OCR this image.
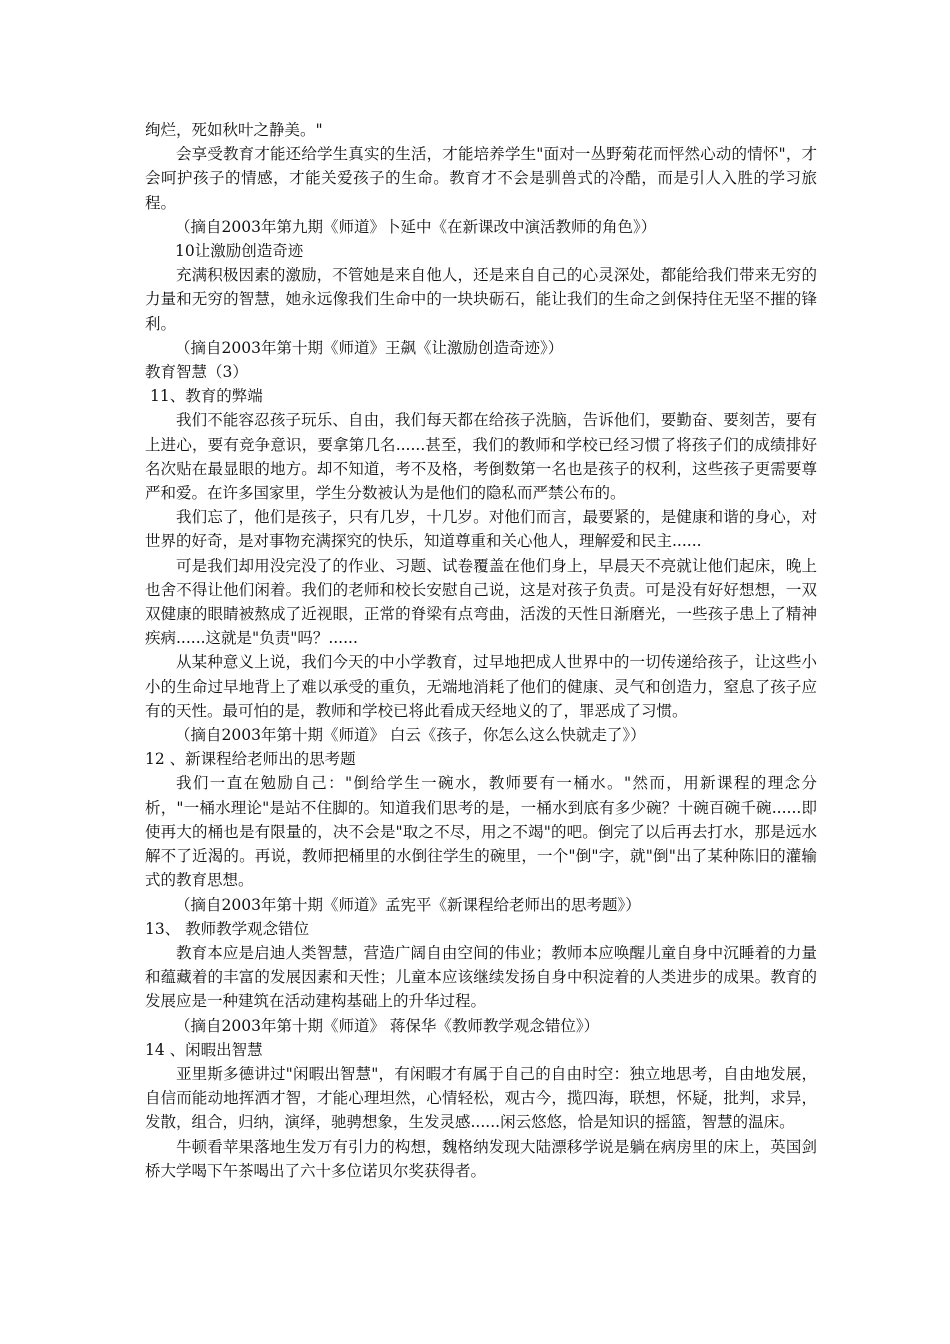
绚烂，死如秋叶之静美。"

会享受教育才能还给学生真实的生活，才能培养学生"面对一丛野菊花而怦然心动的情怀"，才会呵护孩子的情感，才能关爱孩子的生命。教育才不会是驯兽式的冷酷，而是引人入胜的学习旅程。

（摘自2003年第九期《师道》卜延中《在新课改中演活教师的角色》）

10让激励创造奇迹

充满积极因素的激励，不管她是来自他人，还是来自自己的心灵深处，都能给我们带来无穷的力量和无穷的智慧，她永远像我们生命中的一块块砺石，能让我们的生命之剑保持住无坚不摧的锋利。

（摘自2003年第十期《师道》王飙《让激励创造奇迹》）

教育智慧（3）

11、教育的弊端

我们不能容忍孩子玩乐、自由，我们每天都在给孩子洗脑，告诉他们，要勤奋、要刻苦，要有上进心，要有竞争意识，要拿第几名......甚至，我们的教师和学校已经习惯了将孩子们的成绩排好名次贴在最显眼的地方。却不知道，考不及格，考倒数第一名也是孩子的权利，这些孩子更需要尊严和爱。在许多国家里，学生分数被认为是他们的隐私而严禁公布的。

我们忘了，他们是孩子，只有几岁，十几岁。对他们而言，最要紧的，是健康和谐的身心，对世界的好奇，是对事物充满探究的快乐，知道尊重和关心他人，理解爱和民主......

可是我们却用没完没了的作业、习题、试卷覆盖在他们身上，早晨天不亮就让他们起床，晚上也舍不得让他们闲着。我们的老师和校长安慰自己说，这是对孩子负责。可是没有好好想想，一双双健康的眼睛被熬成了近视眼，正常的脊梁有点弯曲，活泼的天性日渐磨光，一些孩子患上了精神疾病......这就是"负责"吗？......

从某种意义上说，我们今天的中小学教育，过早地把成人世界中的一切传递给孩子，让这些小小的生命过早地背上了难以承受的重负，无端地消耗了他们的健康、灵气和创造力，窒息了孩子应有的天性。最可怕的是，教师和学校已将此看成天经地义的了，罪恶成了习惯。

（摘自2003年第十期《师道》 白云《孩子，你怎么这么快就走了》）

12 、新课程给老师出的思考题

我们一直在勉励自己："倒给学生一碗水，教师要有一桶水。"然而，用新课程的理念分析，"一桶水理论"是站不住脚的。知道我们思考的是，一桶水到底有多少碗？十碗百碗千碗......即使再大的桶也是有限量的，决不会是"取之不尽，用之不竭"的吧。倒完了以后再去打水，那是远水解不了近渴的。再说，教师把桶里的水倒往学生的碗里，一个"倒"字，就"倒"出了某种陈旧的灌输式的教育思想。

（摘自2003年第十期《师道》孟宪平《新课程给老师出的思考题》）

13、 教师教学观念错位

教育本应是启迪人类智慧，营造广阔自由空间的伟业；教师本应唤醒儿童自身中沉睡着的力量和蕴藏着的丰富的发展因素和天性；儿童本应该继续发扬自身中积淀着的人类进步的成果。教育的发展应是一种建筑在活动建构基础上的升华过程。

（摘自2003年第十期《师道》 蒋保华《教师教学观念错位》）

14 、闲暇出智慧

亚里斯多德讲过"闲暇出智慧"，有闲暇才有属于自己的自由时空：独立地思考，自由地发展，自信而能动地挥洒才智，才能心理坦然，心情轻松，观古今，揽四海，联想，怀疑，批判，求异，发散，组合，归纳，演绎，驰骋想象，生发灵感......闲云悠悠，恰是知识的摇篮，智慧的温床。

牛顿看苹果落地生发万有引力的构想，魏格纳发现大陆漂移学说是躺在病房里的床上，英国剑桥大学喝下午茶喝出了六十多位诺贝尔奖获得者。
